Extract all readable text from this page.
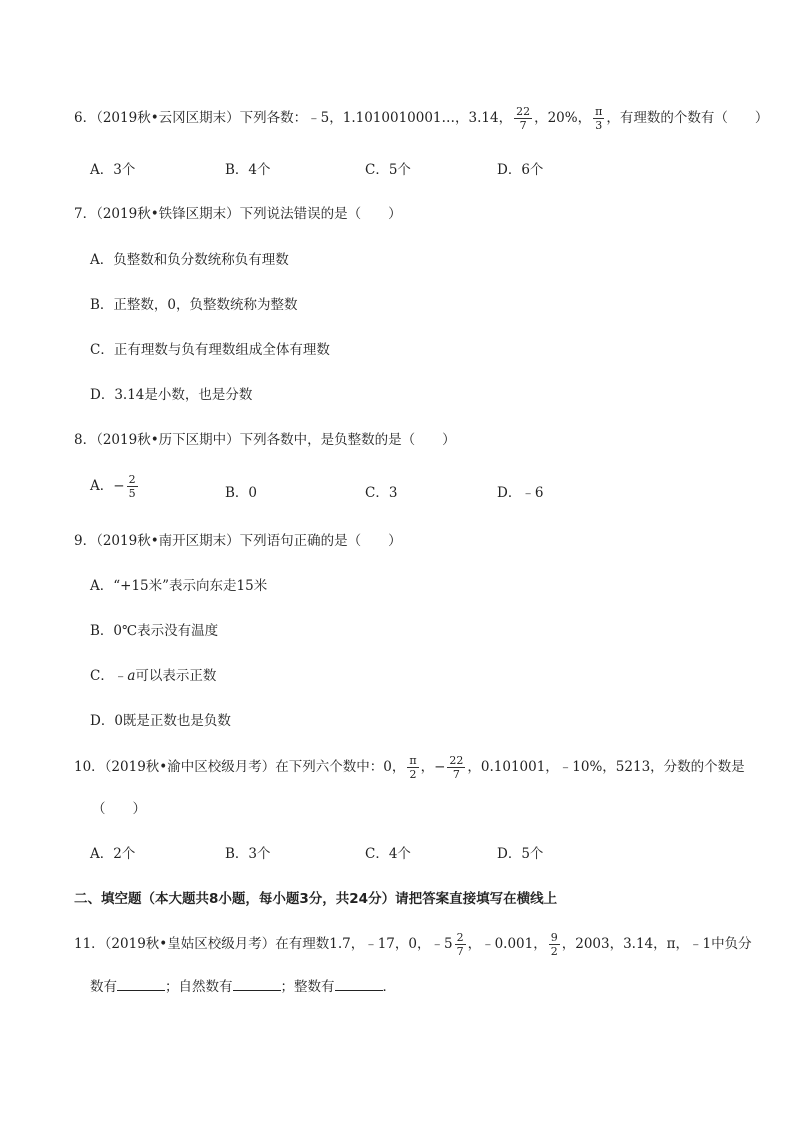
6．（2019秋•云冈区期末）下列各数：﹣5，1.1010010001…，3.14， $\frac{22}{7}$ ，20%， $\frac{\pi}{3}$ ，有理数的个数有（　　）
A．3个	B．4个	C．5个	D．6个
7．（2019秋•铁锋区期末）下列说法错误的是（　　）
A．负整数和负分数统称负有理数
B．正整数，0，负整数统称为整数
C．正有理数与负有理数组成全体有理数
D．3.14是小数，也是分数
8．（2019秋•历下区期中）下列各数中，是负整数的是（　　）
A．− $\frac{2}{5}$	B．0	C．3	D．﹣6
9．（2019秋•南开区期末）下列语句正确的是（　　）
A．“+15米”表示向东走15米
B．0℃表示没有温度
C．﹣a可以表示正数
D．0既是正数也是负数
10．（2019秋•渝中区校级月考）在下列六个数中：0， $\frac{\pi}{2}$ ，− $\frac{22}{7}$ ，0.101001，﹣10%，5213，分数的个数是
（　　）
A．2个	B．3个	C．4个	D．5个
二、填空题（本大题共8小题，每小题3分，共24分）请把答案直接填写在横线上
11．（2019秋•皇姑区校级月考）在有理数1.7，﹣17，0，﹣5 $\frac{2}{7}$ ，﹣0.001， $\frac{9}{2}$ ，2003，3.14，π，﹣1中负分
数有	；自然数有	；整数有	．
